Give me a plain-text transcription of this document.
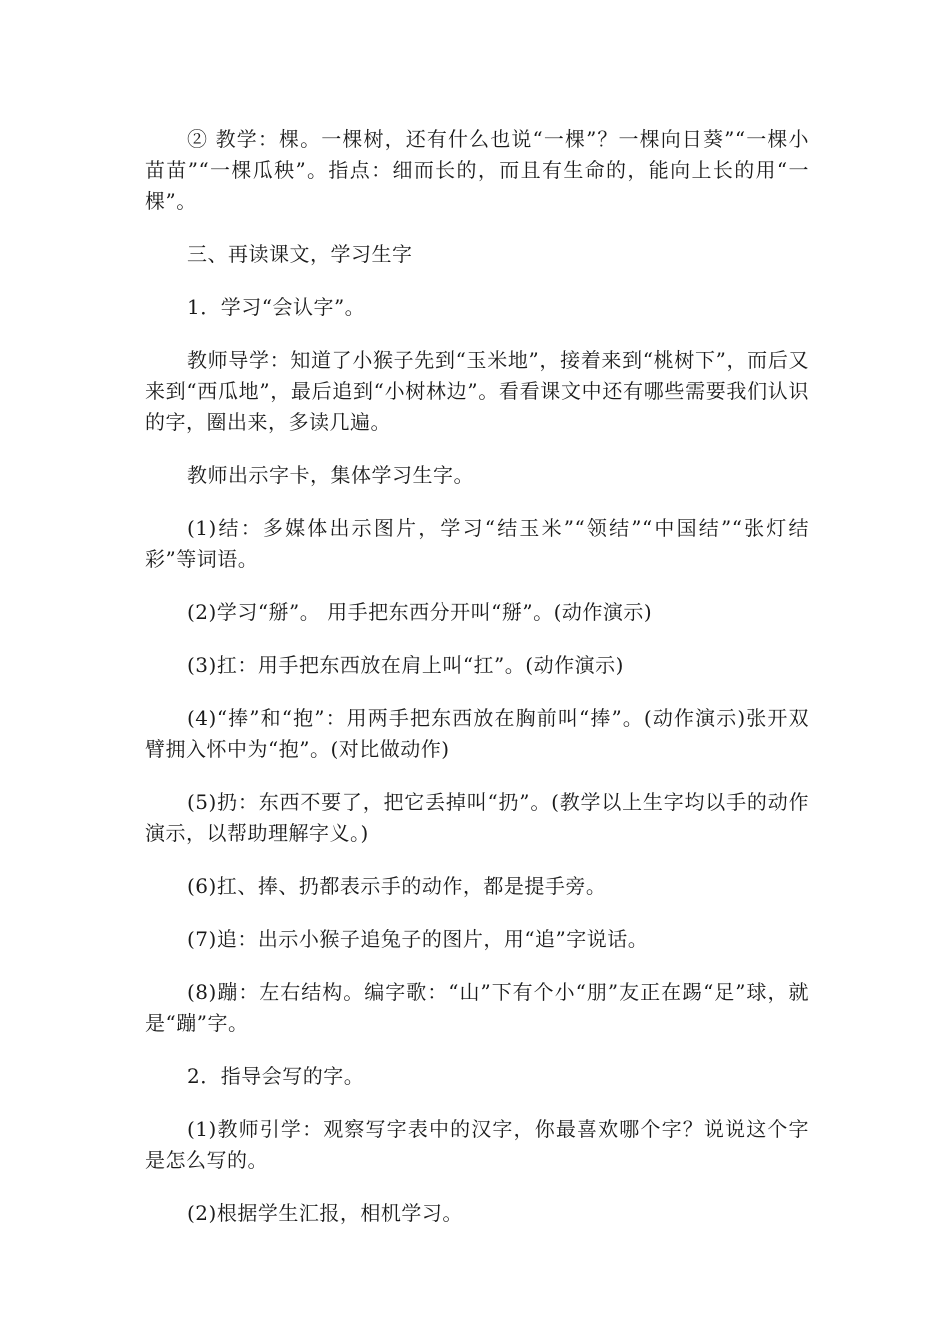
② 教学：棵。一棵树，还有什么也说“一棵”？一棵向日葵”“一棵小苗苗”“一棵瓜秧”。指点：细而长的，而且有生命的，能向上长的用“一棵”。

三、再读课文，学习生字

1．学习“会认字”。

教师导学：知道了小猴子先到“玉米地”，接着来到“桃树下”，而后又来到“西瓜地”，最后追到“小树林边”。看看课文中还有哪些需要我们认识的字，圈出来，多读几遍。

教师出示字卡，集体学习生字。

(1)结：多媒体出示图片，学习“结玉米”“领结”“中国结”“张灯结彩”等词语。

(2)学习“掰”。 用手把东西分开叫“掰”。(动作演示)

(3)扛：用手把东西放在肩上叫“扛”。(动作演示)

(4)“捧”和“抱”：用两手把东西放在胸前叫“捧”。(动作演示)张开双臂拥入怀中为“抱”。(对比做动作)

(5)扔：东西不要了，把它丢掉叫“扔”。(教学以上生字均以手的动作演示，以帮助理解字义。)

(6)扛、捧、扔都表示手的动作，都是提手旁。

(7)追：出示小猴子追兔子的图片，用“追”字说话。

(8)蹦：左右结构。编字歌：“山”下有个小“朋”友正在踢“足”球，就是“蹦”字。

2．指导会写的字。

(1)教师引学：观察写字表中的汉字，你最喜欢哪个字？说说这个字是怎么写的。

(2)根据学生汇报，相机学习。
